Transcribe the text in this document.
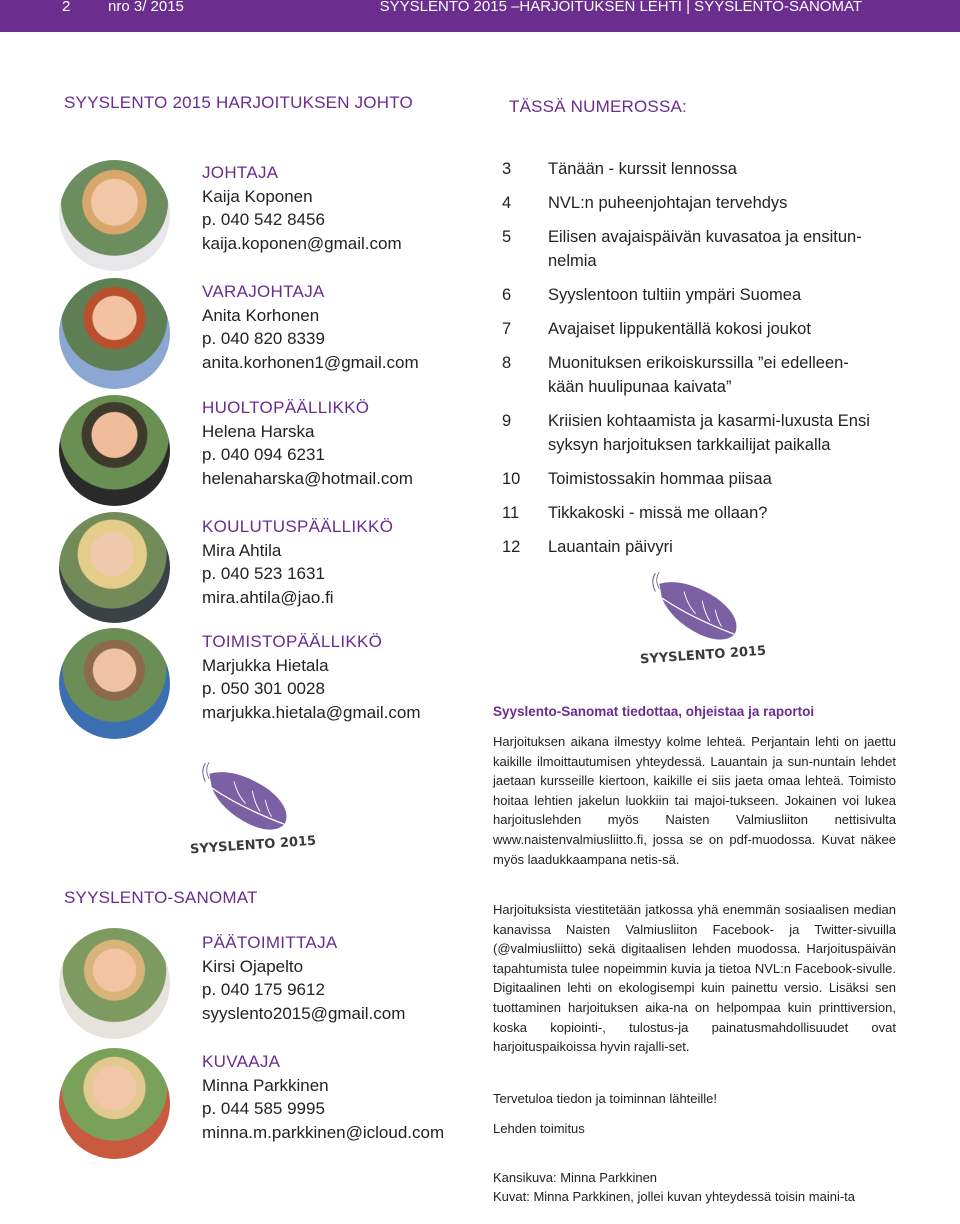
2	nro 3/ 2015	SYYSLENTO 2015 –HARJOITUKSEN LEHTI | SYYSLENTO-SANOMAT
SYYSLENTO 2015 HARJOITUKSEN JOHTO	TÄSSÄ NUMEROSSA:
JOHTAJA
Kaija Koponen
p. 040 542 8456
kaija.koponen@gmail.com
VARAJOHTAJA
Anita Korhonen
p. 040 820 8339
anita.korhonen1@gmail.com
HUOLTOPÄÄLLIKKÖ
Helena Harska
p. 040 094 6231
helenaharska@hotmail.com
KOULUTUSPÄÄLLIKKÖ
Mira Ahtila
p. 040 523 1631
mira.ahtila@jao.fi
TOIMISTOPÄÄLLIKKÖ
Marjukka Hietala
p. 050 301 0028
marjukka.hietala@gmail.com
SYYSLENTO 2015
SYYSLENTO-SANOMAT
PÄÄTOIMITTAJA
Kirsi Ojapelto
p. 040 175 9612
syyslento2015@gmail.com
KUVAAJA
Minna Parkkinen
p. 044 585 9995
minna.m.parkkinen@icloud.com
3 Tänään - kurssit lennossa
4 NVL:n puheenjohtajan tervehdys
5 Eilisen avajaispäivän kuvasatoa ja ensitun-nelmia
6 Syyslentoon tultiin ympäri Suomea
7 Avajaiset lippukentällä kokosi joukot
8 Muonituksen erikoiskurssilla ”ei edelleen-kään huulipunaa kaivata”
9 Kriisien kohtaamista ja kasarmi-luxusta Ensi syksyn harjoituksen tarkkailijat paikalla
10 Toimistossakin hommaa piisaa
11 Tikkakoski - missä me ollaan?
12 Lauantain päivyri
SYYSLENTO 2015
Syyslento-Sanomat tiedottaa, ohjeistaa ja raportoi
Harjoituksen aikana ilmestyy kolme lehteä. Perjantain lehti on jaettu kaikille ilmoittautumisen yhteydessä. Lauantain ja sun-nuntain lehdet jaetaan kursseille kiertoon, kaikille ei siis jaeta omaa lehteä. Toimisto hoitaa lehtien jakelun luokkiin tai majoi-tukseen. Jokainen voi lukea harjoituslehden myös Naisten Valmiusliiton nettisivulta www.naistenvalmiusliitto.fi, jossa se on pdf-muodossa. Kuvat näkee myös laadukkaampana netis-sä.
Harjoituksista viestitetään jatkossa yhä enemmän sosiaalisen median kanavissa Naisten Valmiusliiton Facebook- ja Twitter-sivuilla (@valmiusliitto) sekä digitaalisen lehden muodossa. Harjoituspäivän tapahtumista tulee nopeimmin kuvia ja tietoa NVL:n Facebook-sivulle. Digitaalinen lehti on ekologisempi kuin painettu versio. Lisäksi sen tuottaminen harjoituksen aika-na on helpompaa kuin printtiversion, koska kopiointi-, tulostus-ja painatusmahdollisuudet ovat harjoituspaikoissa hyvin rajalli-set.
Tervetuloa tiedon ja toiminnan lähteille!
Lehden toimitus
Kansikuva: Minna Parkkinen
Kuvat: Minna Parkkinen, jollei kuvan yhteydessä toisin maini-ta
